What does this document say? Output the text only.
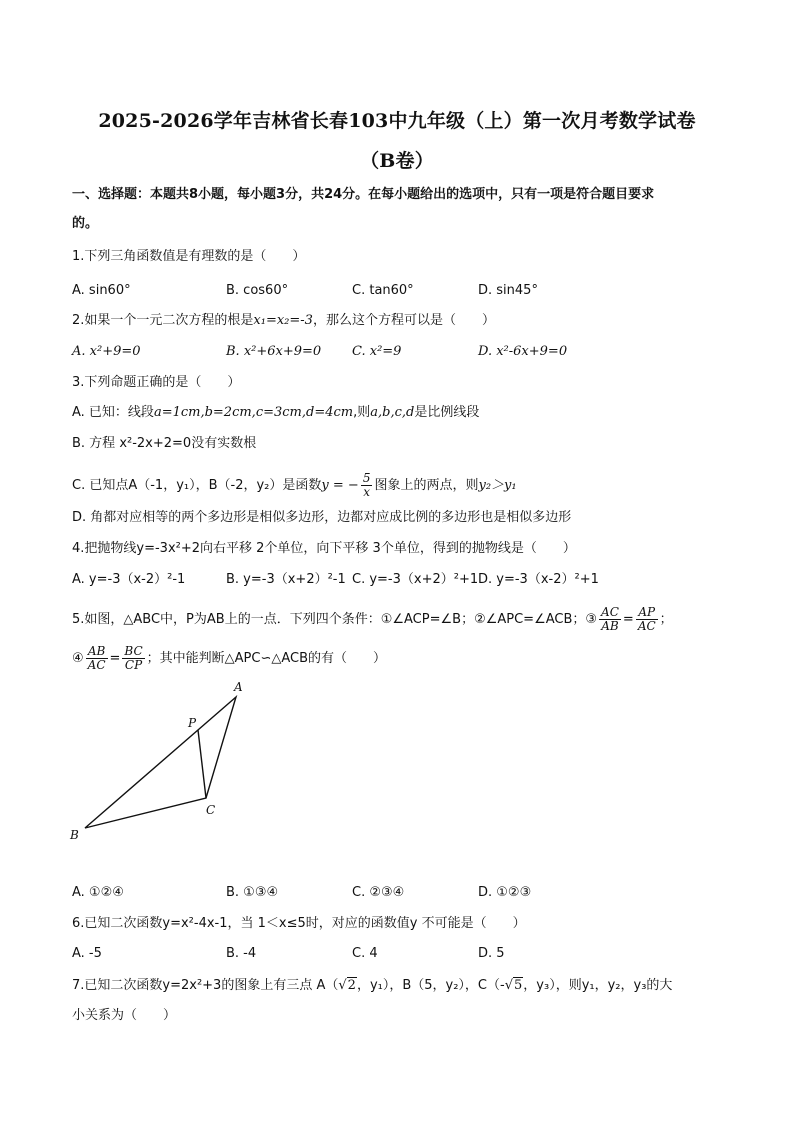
2025-2026学年吉林省长春103中九年级（上）第一次月考数学试卷
（B卷）
一、选择题：本题共8小题，每小题3分，共24分。在每小题给出的选项中，只有一项是符合题目要求
的。
1.下列三角函数值是有理数的是（　　）
A. sin60°	B. cos60°	C. tan60°	D. sin45°
2.如果一个一元二次方程的根是x₁=x₂=-3，那么这个方程可以是（　　）
A. x²+9=0	B. x²+6x+9=0 C. x²=9	D. x²-6x+9=0
3.下列命题正确的是（　　）
A. 已知：线段a=1cm,b=2cm,c=3cm,d=4cm,则a,b,c,d是比例线段
B. 方程 x²-2x+2=0没有实数根
C. 已知点A（-1，y₁），B（-2，y₂）是函数y = − $\frac{5}{x}$ 图象上的两点，则y₂＞y₁
D. 角都对应相等的两个多边形是相似多边形，边都对应成比例的多边形也是相似多边形
4.把抛物线y=-3x²+2向右平移 2个单位，向下平移 3个单位，得到的抛物线是（　　）
A. y=-3（x-2）²-1	B. y=-3（x+2）²-1 C. y=-3（x+2）²+1 D. y=-3（x-2）²+1
5.如图，△ABC中，P为AB上的一点．下列四个条件：①∠ACP=∠B；②∠APC=∠ACB；③ $\frac{AC}{AB} = \frac{AP}{AC}$ ；
④ $\frac{AB}{AC} = \frac{BC}{CP}$ ；其中能判断△APC∽△ACB的有（　　）
A
P
C
B
A. ①②④	B. ①③④	C. ②③④	D. ①②③
6.已知二次函数y=x²-4x-1，当 1＜x≤5时，对应的函数值y 不可能是（　　）
A. -5	B. -4	C. 4	D. 5
7.已知二次函数y=2x²+3的图象上有三点 A（√2，y₁），B（5，y₂），C（-√5，y₃），则y₁，y₂，y₃的大
小关系为（　　）
